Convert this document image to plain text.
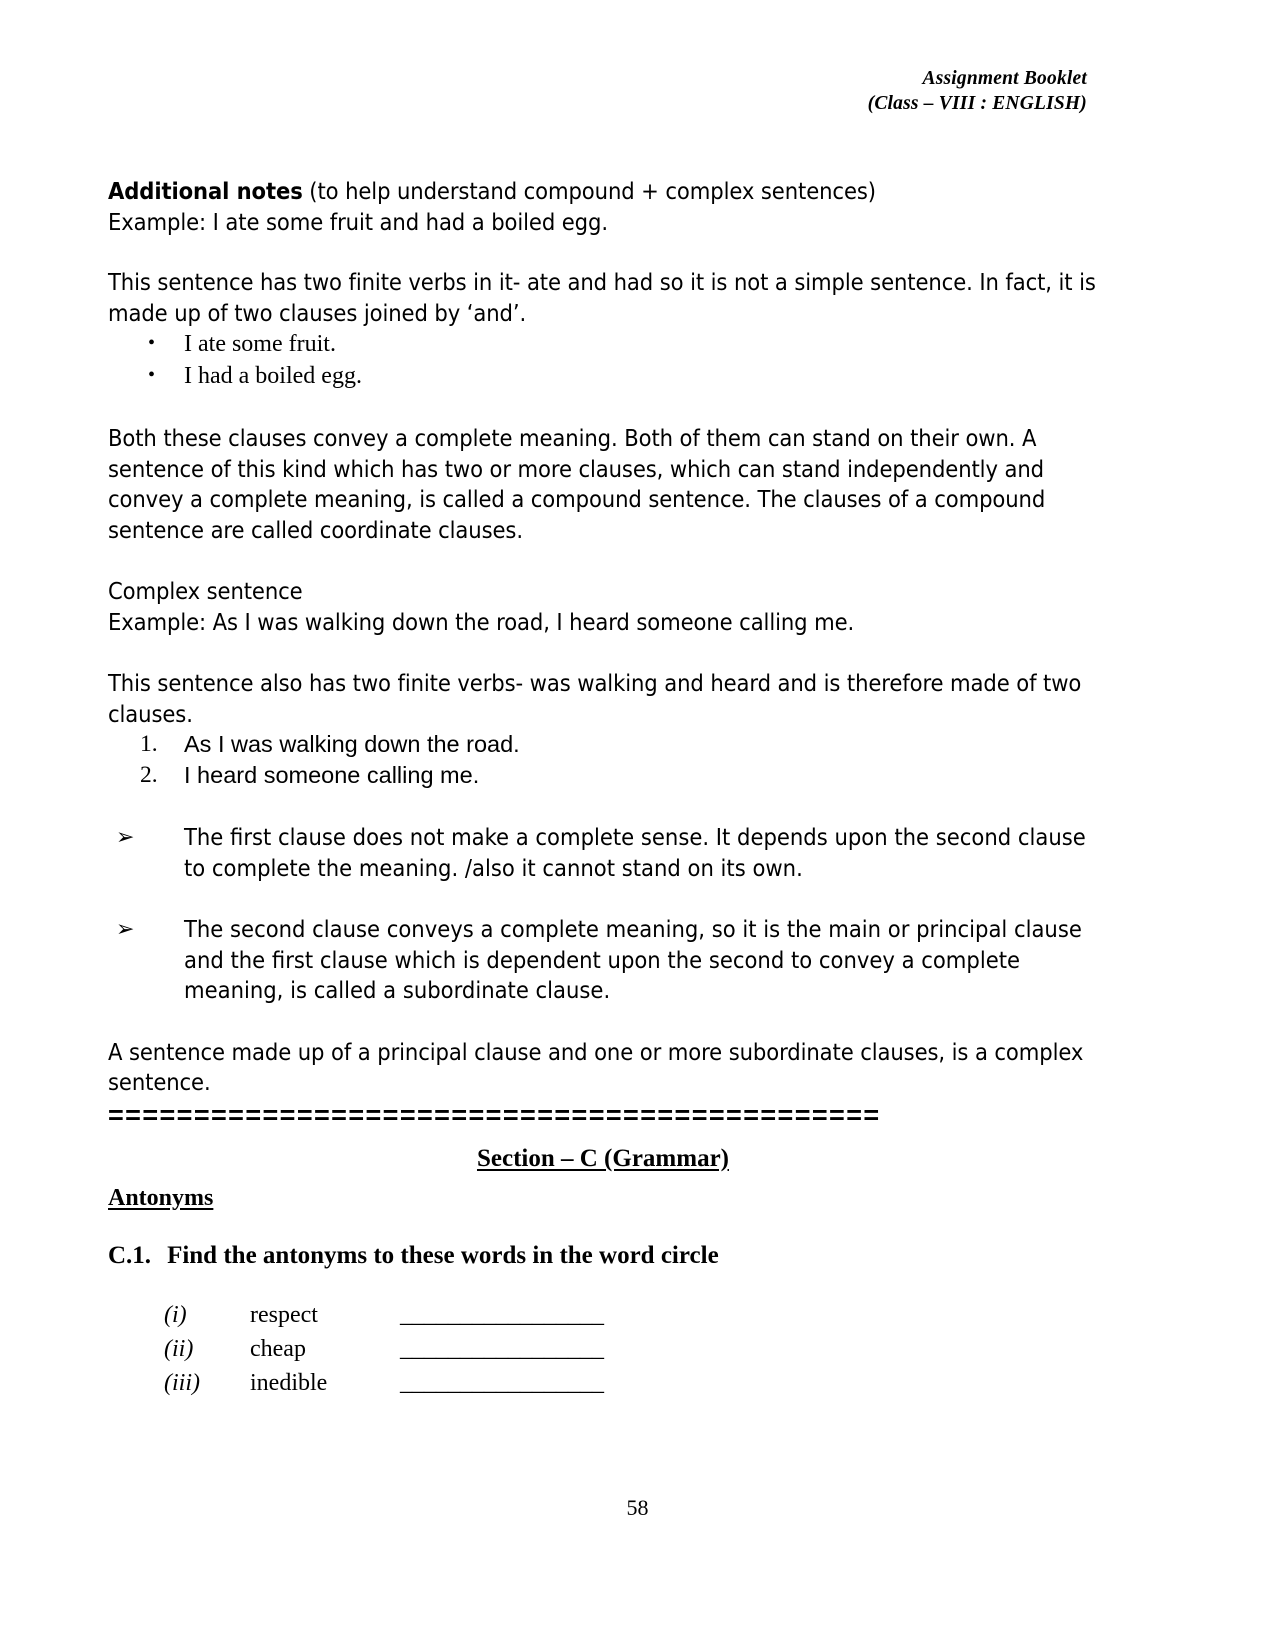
Assignment Booklet
(Class – VIII : ENGLISH)

Additional notes (to help understand compound + complex sentences)

Example: I ate some fruit and had a boiled egg.

This sentence has two finite verbs in it- ate and had so it is not a simple sentence. In fact, it is made up of two clauses joined by ‘and’.

• I ate some fruit.
• I had a boiled egg.

Both these clauses convey a complete meaning. Both of them can stand on their own. A sentence of this kind which has two or more clauses, which can stand independently and convey a complete meaning, is called a compound sentence. The clauses of a compound sentence are called coordinate clauses.

Complex sentence

Example: As I was walking down the road, I heard someone calling me.

This sentence also has two finite verbs- was walking and heard and is therefore made of two clauses.

1. As I was walking down the road.
2. I heard someone calling me.
➢ The first clause does not make a complete sense. It depends upon the second clause to complete the meaning. /also it cannot stand on its own.
➢ The second clause conveys a complete meaning, so it is the main or principal clause and the first clause which is dependent upon the second to convey a complete meaning, is called a subordinate clause.

A sentence made up of a principal clause and one or more subordinate clauses, is a complex sentence.

=============================================
Section – C (Grammar)
Antonyms
C.1. Find the antonyms to these words in the word circle
(i)	respect	_________________
(ii)	cheap	_________________
(iii)	inedible	_________________
58
